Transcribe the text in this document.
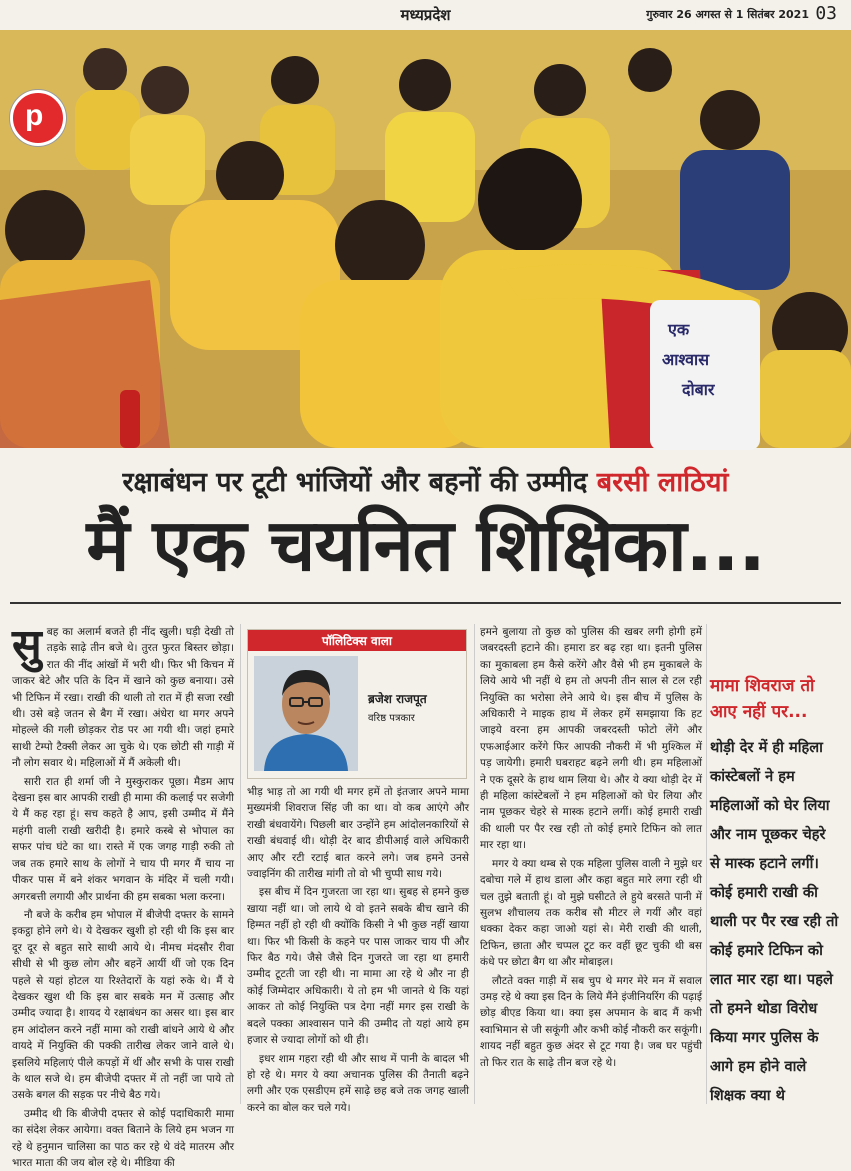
मध्यप्रदेश	गुरुवार 26 अगस्त से 1 सितंबर 2021 03
एक
आश्वास
दोबार
p
रक्षाबंधन पर टूटी भांजियों और बहनों की उम्मीद बरसी लाठियां
मैं एक चयनित शिक्षिका...
सु बह का अलार्म बजते ही नींद खुली। घड़ी देखी तो तड़के साढ़े तीन बजे थे। तुरत फुरत बिस्तर छोड़ा। रात की नींद आंखों में भरी थी। फिर भी किचन में जाकर बेटे और पति के दिन में खाने को कुछ बनाया। उसे भी टिफिन में रखा। राखी की थाली तो रात में ही सजा रखी थी। उसे बड़े जतन से बैग में रखा। अंधेरा था मगर अपने मोहल्ले की गली छोड़कर रोड पर आ गयी थी। जहां हमारे साथी टेम्पो टैक्सी लेकर आ चुके थे। एक छोटी सी गाड़ी में नौ लोग सवार थे। महिलाओं में मैं अकेली थी।

सारी रात ही शर्मा जी ने मुस्कुराकर पूछा। मैडम आप देखना इस बार आपकी राखी ही मामा की कलाई पर सजेगी ये मैं कह रहा हूं। सच कहते है आप, इसी उम्मीद में मैंने महंगी वाली राखी खरीदी है। हमारे कस्बे से भोपाल का सफर पांच घंटे का था। रास्ते में एक जगह गाड़ी रुकी तो जब तक हमारे साथ के लोगों ने चाय पी मगर मैं चाय ना पीकर पास में बने शंकर भगवान के मंदिर में चली गयी। अगरबत्ती लगायी और प्रार्थना की हम सबका भला करना।

नौ बजे के करीब हम भोपाल में बीजेपी दफ्तर के सामने इकट्ठा होने लगे थे। ये देखकर खुशी हो रही थी कि इस बार दूर दूर से बहुत सारे साथी आये थे। नीमच मंदसौर रीवा सीधी से भी कुछ लोग और बहनें आयीं थीं जो एक दिन पहले से यहां होटल या रिश्तेदारों के यहां रुके थे। मैं ये देखकर खुश थी कि इस बार सबके मन में उत्साह और उम्मीद ज्यादा है। शायद ये रक्षाबंधन का असर था। इस बार हम आंदोलन करने नहीं मामा को राखी बांधने आये थे और वायदे में नियुक्ति की पक्की तारीख लेकर जाने वाले थे। इसलिये महिलाएं पीले कपड़ों में थीं और सभी के पास राखी के थाल सजे थे। हम बीजेपी दफ्तर में तो नहीं जा पाये तो उसके बगल की सड़क पर नीचे बैठ गये।

उम्मीद थी कि बीजेपी दफ्तर से कोई पदाधिकारी मामा का संदेश लेकर आयेगा। वक्त बिताने के लिये हम भजन गा रहे थे हनुमान चालिसा का पाठ कर रहे थे वंदे मातरम और भारत माता की जय बोल रहे थे। मीडिया की

पॉलिटिक्स वाला
ब्रजेश राजपूत
वरिष्ठ पत्रकार

भीड़ भाड़ तो आ गयी थी मगर हमें तो इंतजार अपने मामा मुख्यमंत्री शिवराज सिंह जी का था। वो कब आएंगे और राखी बंधवायेंगे। पिछली बार उन्होंने हम आंदोलनकारियों से राखी बंधवाई थी। थोड़ी देर बाद डीपीआई वाले अधिकारी आए और रटी रटाई बात करने लगे। जब हमने उनसे ज्वाइनिंग की तारीख मांगी तो वो भी चुप्पी साध गये।

इस बीच में दिन गुजरता जा रहा था। सुबह से हमने कुछ खाया नहीं था। जो लाये थे वो इतने सबके बीच खाने की हिम्मत नहीं हो रही थी क्योंकि किसी ने भी कुछ नहीं खाया था। फिर भी किसी के कहने पर पास जाकर चाय पी और फिर बैठ गये। जैसे जैसे दिन गुजरते जा रहा था हमारी उम्मीद टूटती जा रही थी। ना मामा आ रहे थे और ना ही कोई जिम्मेदार अधिकारी। ये तो हम भी जानते थे कि यहां आकर तो कोई नियुक्ति पत्र देगा नहीं मगर इस राखी के बदले पक्का आश्वासन पाने की उम्मीद तो यहां आये हम हजार से ज्यादा लोगों को थी ही।

इधर शाम गहरा रही थी और साथ में पानी के बादल भी हो रहे थे। मगर ये क्या अचानक पुलिस की तैनाती बढ़ने लगी और एक एसडीएम हमें साढ़े छह बजे तक जगह खाली करने का बोल कर चले गये।

हमने बुलाया तो कुछ को पुलिस की खबर लगी होगी हमें जबरदस्ती हटाने की। हमारा डर बढ़ रहा था। इतनी पुलिस का मुकाबला हम कैसे करेंगे और वैसे भी हम मुकाबले के लिये आये भी नहीं थे हम तो अपनी तीन साल से टल रही नियुक्ति का भरोसा लेने आये थे। इस बीच में पुलिस के अधिकारी ने माइक हाथ में लेकर हमें समझाया कि हट जाइये वरना हम आपकी जबरदस्ती फोटो लेंगे और एफआईआर करेंगे फिर आपकी नौकरी में भी मुश्किल में पड़ जायेगी। हमारी घबराहट बढ़ने लगी थी। हम महिलाओं ने एक दूसरे के हाथ थाम लिया थे। और ये क्या थोड़ी देर में ही महिला कांस्टेबलों ने हम महिलाओं को घेर लिया और नाम पूछकर चेहरे से मास्क हटाने लगीं। कोई हमारी राखी की थाली पर पैर रख रही तो कोई हमारे टिफिन को लात मार रहा था।

मगर ये क्या थम्ब से एक महिला पुलिस वाली ने मुझे धर दबोचा गले में हाथ डाला और कहा बहुत मारे लगा रही थी चल तुझे बताती हूं। वो मुझे घसीटते ले हुये बरसते पानी में सुलभ शौचालय तक करीब सौ मीटर ले गयीं और वहां धक्का देकर कहा जाओ यहां से। मेरी राखी की थाली, टिफिन, छाता और चप्पल टूट कर वहीं छूट चुकी थी बस कंधे पर छोटा बैग था और मोबाइल।

लौटते वक्त गाड़ी में सब चुप थे मगर मेरे मन में सवाल उमड़ रहे थे क्या इस दिन के लिये मैंने इंजीनियरिंग की पढ़ाई छोड़ बीएड किया था। क्या इस अपमान के बाद मैं कभी स्वाभिमान से जी सकूंगी और कभी कोई नौकरी कर सकूंगी। शायद नहीं बहुत कुछ अंदर से टूट गया है। जब घर पहुंची तो फिर रात के साढ़े तीन बज रहे थे।

मामा शिवराज तो आए नहीं पर...
थोड़ी देर में ही महिला कांस्टेबलों ने हम महिलाओं को घेर लिया और नाम पूछकर चेहरे से मास्क हटाने लगीं। कोई हमारी राखी की थाली पर पैर रख रही तो कोई हमारे टिफिन को लात मार रहा था। पहले तो हमने थोडा विरोध किया मगर पुलिस के आगे हम होने वाले शिक्षक क्या थे
